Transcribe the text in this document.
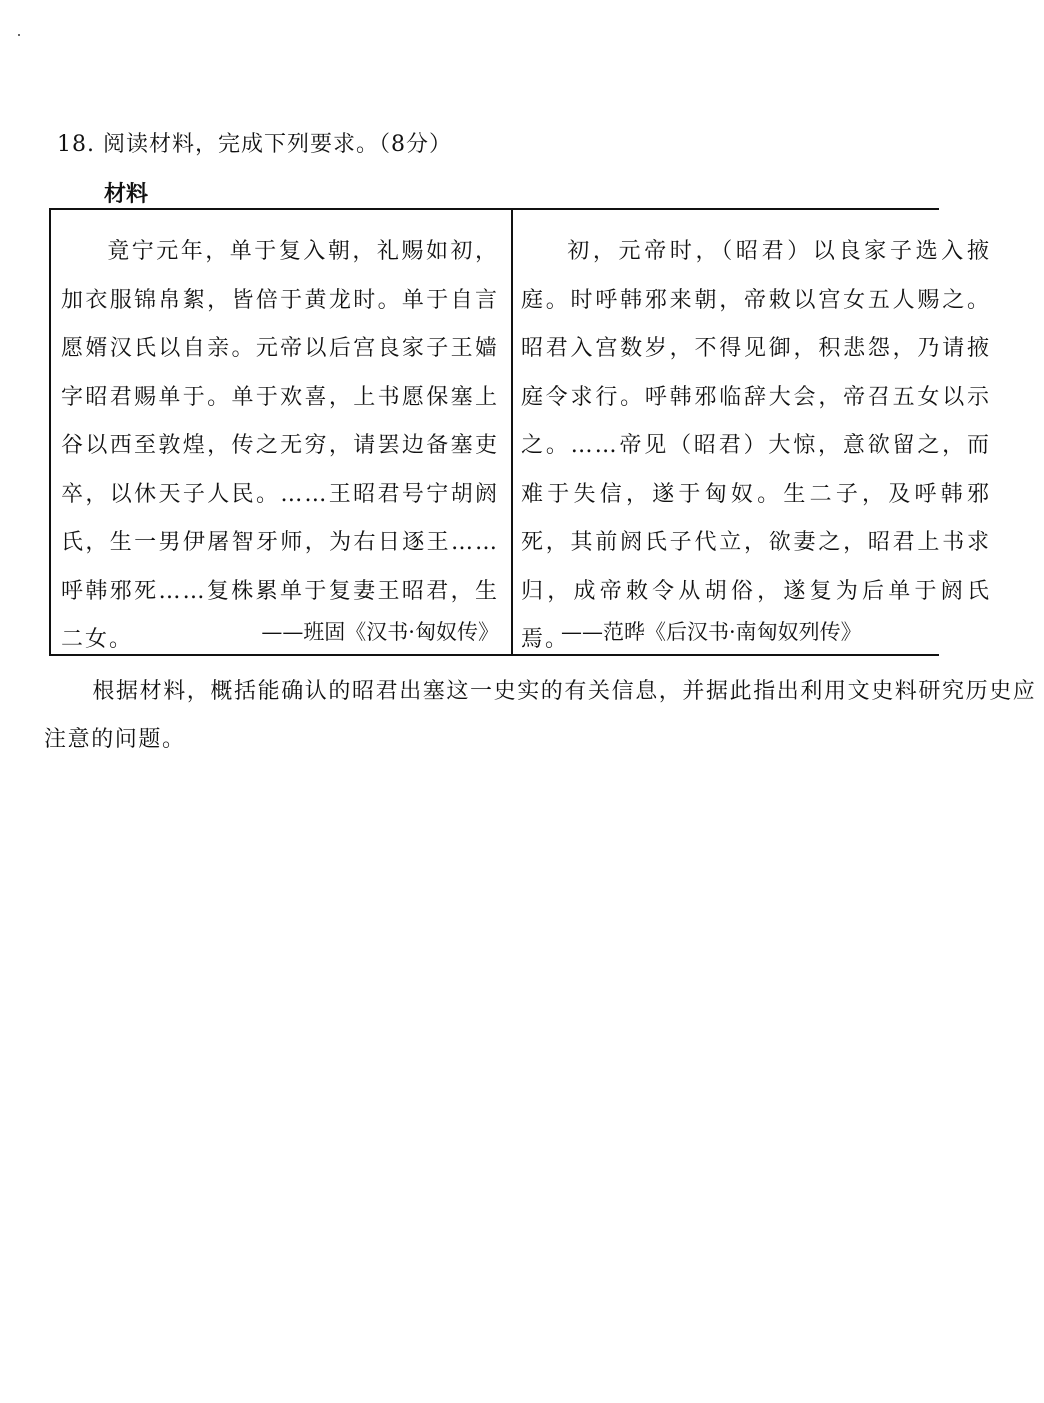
18. 阅读材料，完成下列要求。（8分）
材料

竟宁元年，单于复入朝，礼赐如初，加衣服锦帛絮，皆倍于黄龙时。单于自言愿婿汉氏以自亲。元帝以后宫良家子王嫱字昭君赐单于。单于欢喜，上书愿保塞上谷以西至敦煌，传之无穷，请罢边备塞吏卒，以休天子人民。……王昭君号宁胡阏氏，生一男伊屠智牙师，为右日逐王……呼韩邪死……复株累单于复妻王昭君，生二女。	——班固《汉书·匈奴传》

初，元帝时，（昭君）以良家子选入掖庭。时呼韩邪来朝，帝敕以宫女五人赐之。昭君入宫数岁，不得见御，积悲怨，乃请掖庭令求行。呼韩邪临辞大会，帝召五女以示之。……帝见（昭君）大惊，意欲留之，而难于失信，遂于匈奴。生二子，及呼韩邪死，其前阏氏子代立，欲妻之，昭君上书求归，成帝敕令从胡俗，遂复为后单于阏氏焉。

——范晔《后汉书·南匈奴列传》

根据材料，概括能确认的昭君出塞这一史实的有关信息，并据此指出利用文史料研究历史应注意的问题。
